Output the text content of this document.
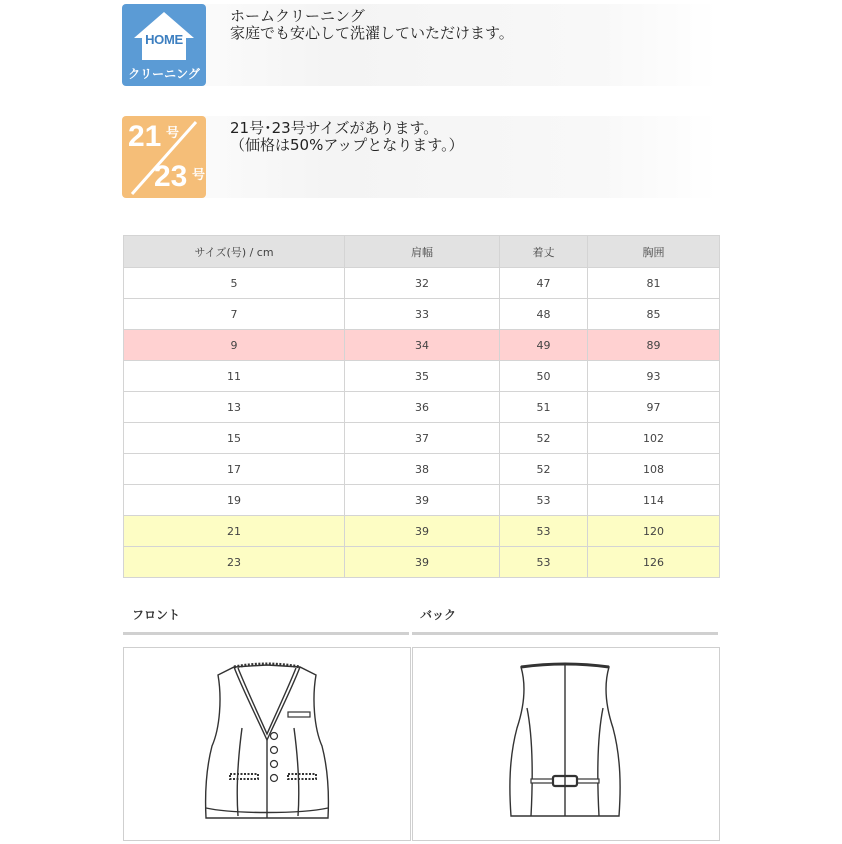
HOME
クリーニング
ホームクリーニング
家庭でも安心して洗濯していただけます。
21 号
23 号
21号･23号サイズがあります。
（価格は50%アップとなります。）
サイズ(号) / cm	肩幅	着丈	胸囲
5	32	47	81
7	33	48	85
9	34	49	89
11	35	50	93
13	36	51	97
15	37	52	102
17	38	52	108
19	39	53	114
21	39	53	120
23	39	53	126
フロント	バック
